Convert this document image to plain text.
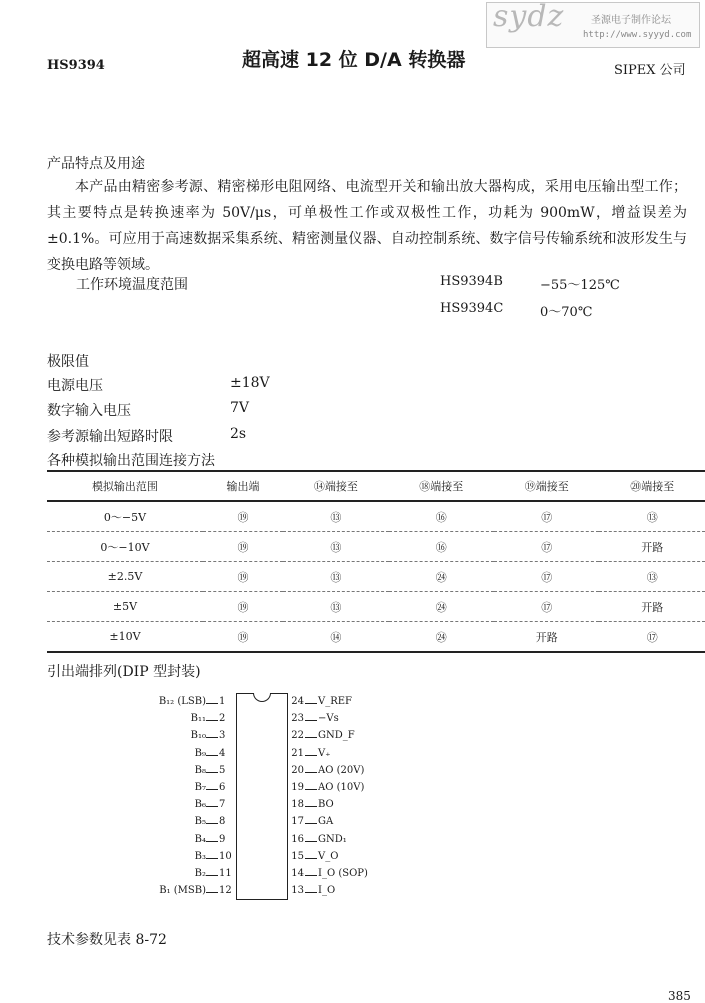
sydz	圣源电子制作论坛
http://www.syyyd.com
HS9394	超高速 12 位 D/A 转换器	SIPEX 公司
产品特点及用途
本产品由精密参考源、精密梯形电阻网络、电流型开关和输出放大器构成，采用电压输出型工作；其主要特点是转换速率为 50V/μs，可单极性工作或双极性工作，功耗为 900mW，增益误差为±0.1%。可应用于高速数据采集系统、精密测量仪器、自动控制系统、数字信号传输系统和波形发生与变换电路等领域。
工作环境温度范围	HS9394B	−55～125℃
HS9394C	0～70℃
极限值
电源电压	±18V
数字输入电压	7V
参考源输出短路时限	2s
各种模拟输出范围连接方法
模拟输出范围	输出端	⑭端接至	⑱端接至	⑲端接至	⑳端接至
0～−5V	⑲	⑬	⑯	⑰	⑬
0～−10V	⑲	⑬	⑯	⑰	开路
±2.5V	⑲	⑬	㉔	⑰	⑬
±5V	⑲	⑬	㉔	⑰	开路
±10V	⑲	⑭	㉔	开路	⑰
引出端排列(DIP 型封装)
B₁₂ (LSB) 1
B₁₁ 2
B₁₀ 3
B₉ 4
B₈ 5
B₇ 6
B₆ 7
B₅ 8
B₄ 9
B₃ 10
B₂ 11
B₁ (MSB) 12
24 V_REF
23 −Vs
22 GND_F
21 V₊
20 AO (20V)
19 AO (10V)
18 BO
17 GA
16 GND₁
15 V_O
14 I_O (SOP)
13 I_O
技术参数见表 8-72
385
